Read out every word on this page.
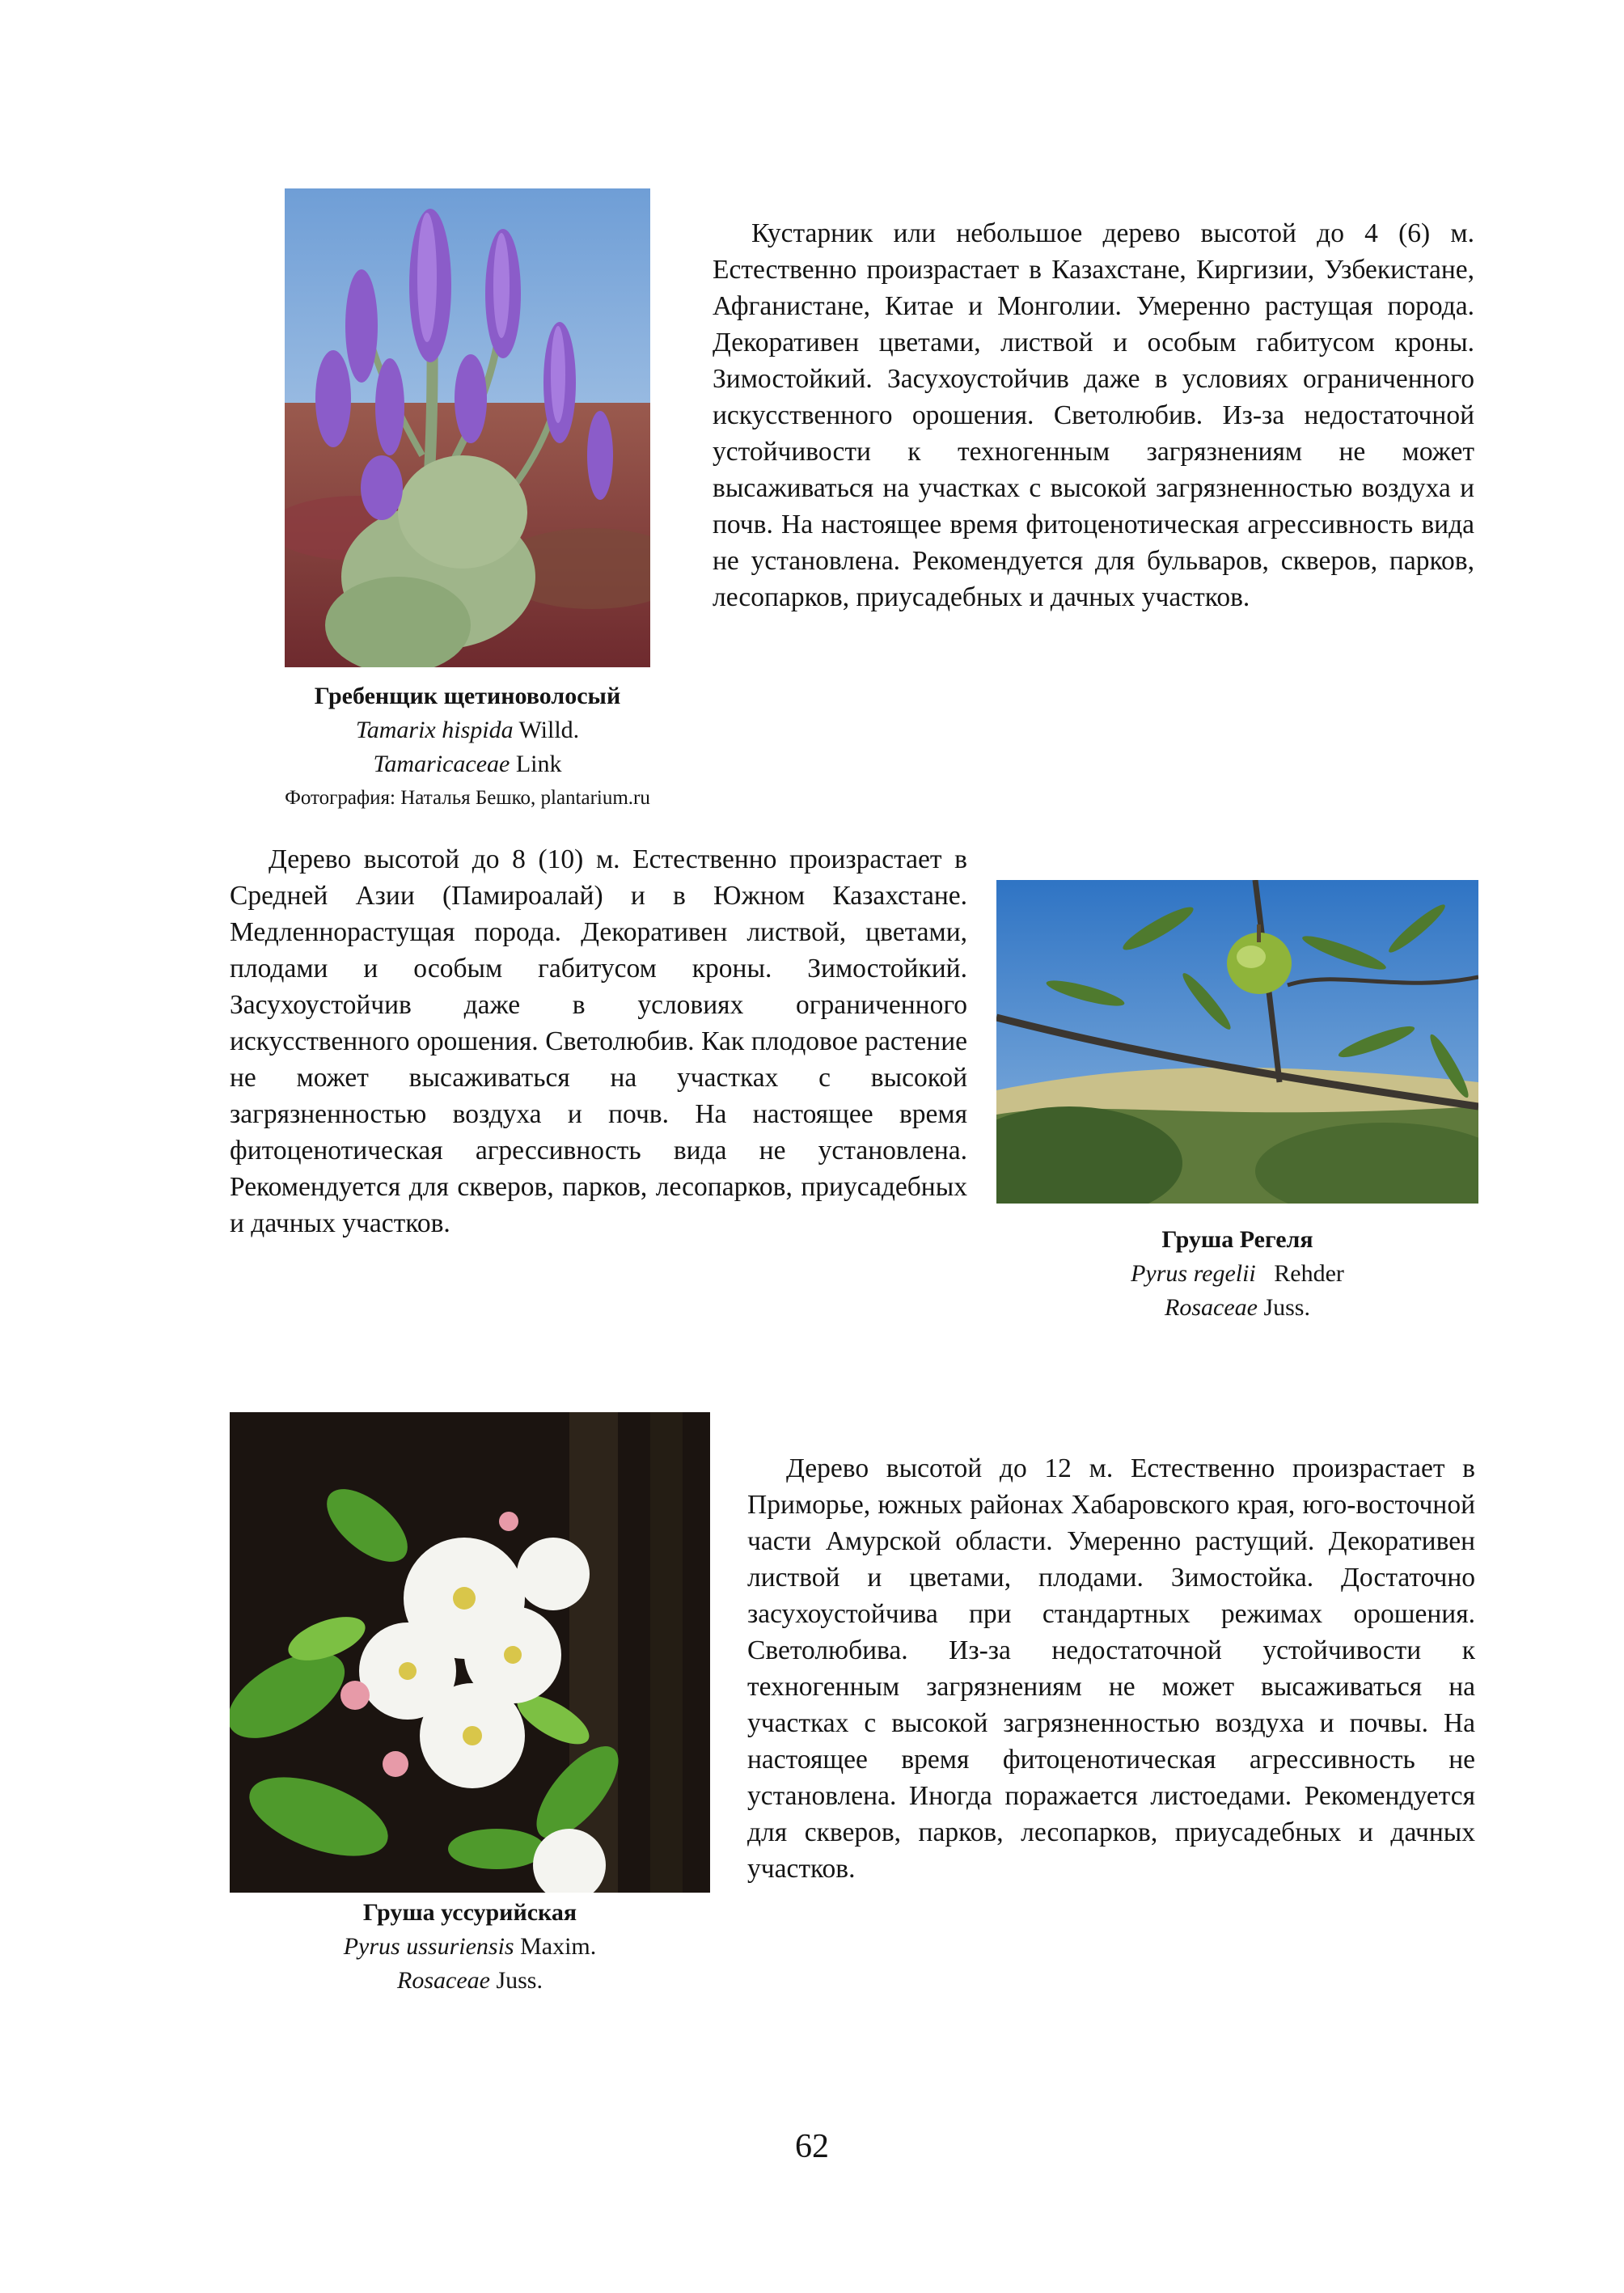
Гребенщик щетиноволосый
Tamarix hispida Willd.
Tamaricaceae Link
Фотография: Наталья Бешко, plantarium.ru

Кустарник или небольшое дерево высотой до 4 (6) м. Естественно произрастает в Казахстане, Киргизии, Узбекистане, Афганистане, Китае и Монголии. Умеренно растущая порода. Декоративен цветами, листвой и особым габитусом кроны. Зимостойкий. Засухоустойчив даже в условиях ограниченного искусственного орошения. Светолюбив. Из-за недостаточной устойчивости к техногенным загрязнениям не может высаживаться на участках с высокой загрязненностью воздуха и почв. На настоящее время фитоценотическая агрессивность вида не установлена. Рекомендуется для бульваров, скверов, парков, лесопарков, приусадебных и дачных участков.

Дерево высотой до 8 (10) м. Естественно произрастает в Средней Азии (Памироалай) и в Южном Казахстане. Медленнорастущая порода. Декоративен листвой, цветами, плодами и особым габитусом кроны. Зимостойкий. Засухоустойчив даже в условиях ограниченного искусственного орошения. Светолюбив. Как плодовое растение не может высаживаться на участках с высокой загрязненностью воздуха и почв. На настоящее время фитоценотическая агрессивность вида не установлена. Рекомендуется для скверов, парков, лесопарков, приусадебных и дачных участков.

Груша Регеля
Pyrus regelii Rehder
Rosaceae Juss.
Груша уссурийская
Pyrus ussuriensis Maxim.
Rosaceae Juss.

Дерево высотой до 12 м. Естественно произрастает в Приморье, южных районах Хабаровского края, юго-восточной части Амурской области. Умеренно растущий. Декоративен листвой и цветами, плодами. Зимостойка. Достаточно засухоустойчива при стандартных режимах орошения. Светолюбива. Из-за недостаточной устойчивости к техногенным загрязнениям не может высаживаться на участках с высокой загрязненностью воздуха и почвы. На настоящее время фитоценотическая агрессивность не установлена. Иногда поражается листоедами. Рекомендуется для скверов, парков, лесопарков, приусадебных и дачных участков.

62
